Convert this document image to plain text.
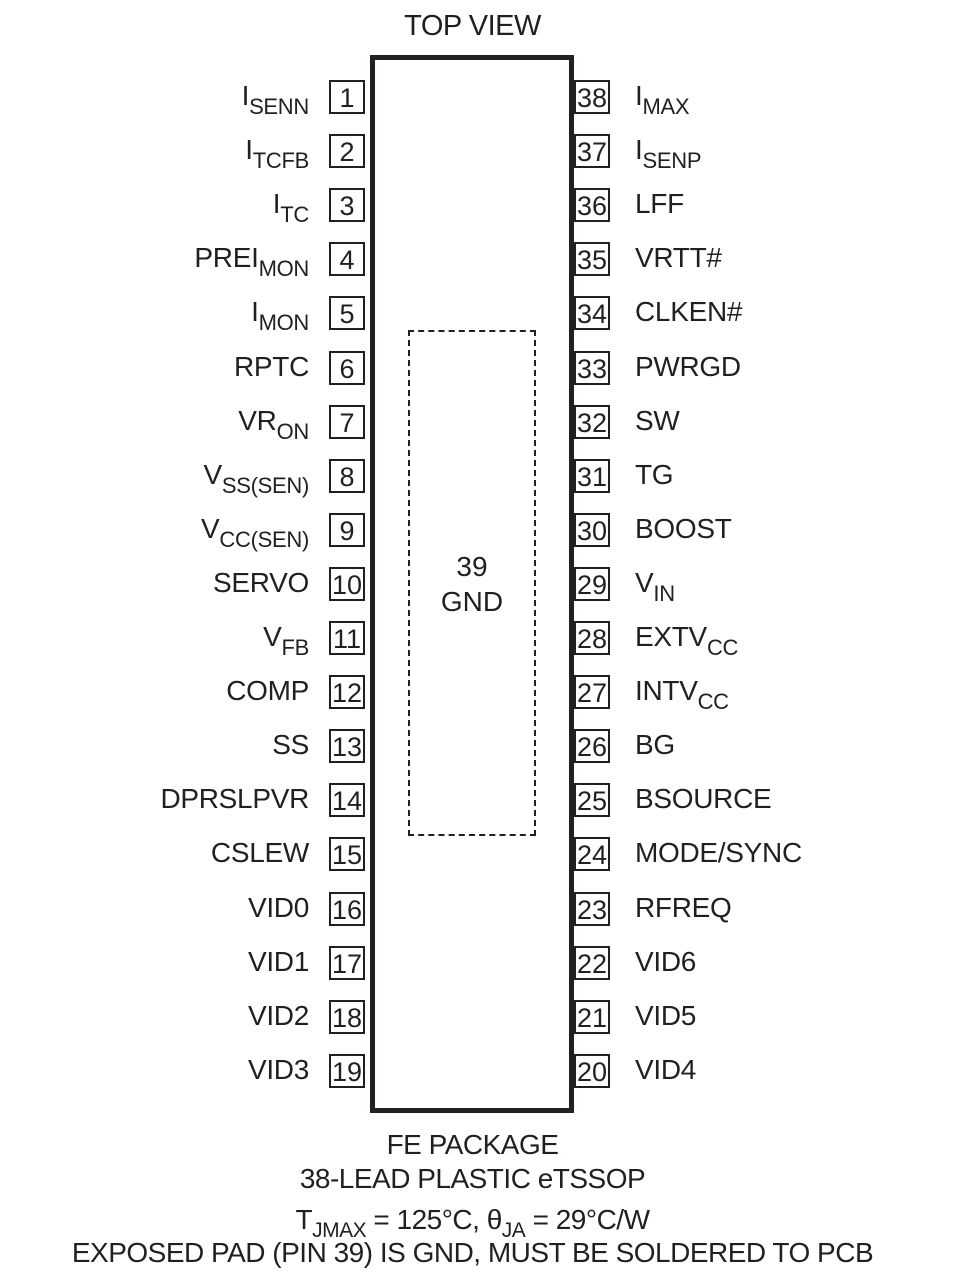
TOP VIEW
39
GND
1
$I_{SENN}$
2
$I_{TCFB}$
3
$I_{TC}$
4
$PREI_{MON}$
5
$I_{MON}$
6
RPTC
7
$VR_{ON}$
8
$V_{SS(SEN)}$
9
$V_{CC(SEN)}$
10
SERVO
11
$V_{FB}$
12
COMP
13
SS
14
DPRSLPVR
15
CSLEW
16
VID0
17
VID1
18
VID2
19
VID3
38 $I_{MAX}$
37 $I_{SENP}$
36 LFF
35 VRTT#
34 CLKEN#
33 PWRGD
32 SW
31 TG
30 BOOST
29 $V_{IN}$
28 $EXTV_{CC}$
27 $INTV_{CC}$
26 BG
25 BSOURCE
24 MODE/SYNC
23 RFREQ
22 VID6
21 VID5
20 VID4
FE PACKAGE
38-LEAD PLASTIC eTSSOP
$T_{JMAX} = 125^\circ C$, $\theta_{JA} = 29^\circ C/W$
EXPOSED PAD (PIN 39) IS GND, MUST BE SOLDERED TO PCB
